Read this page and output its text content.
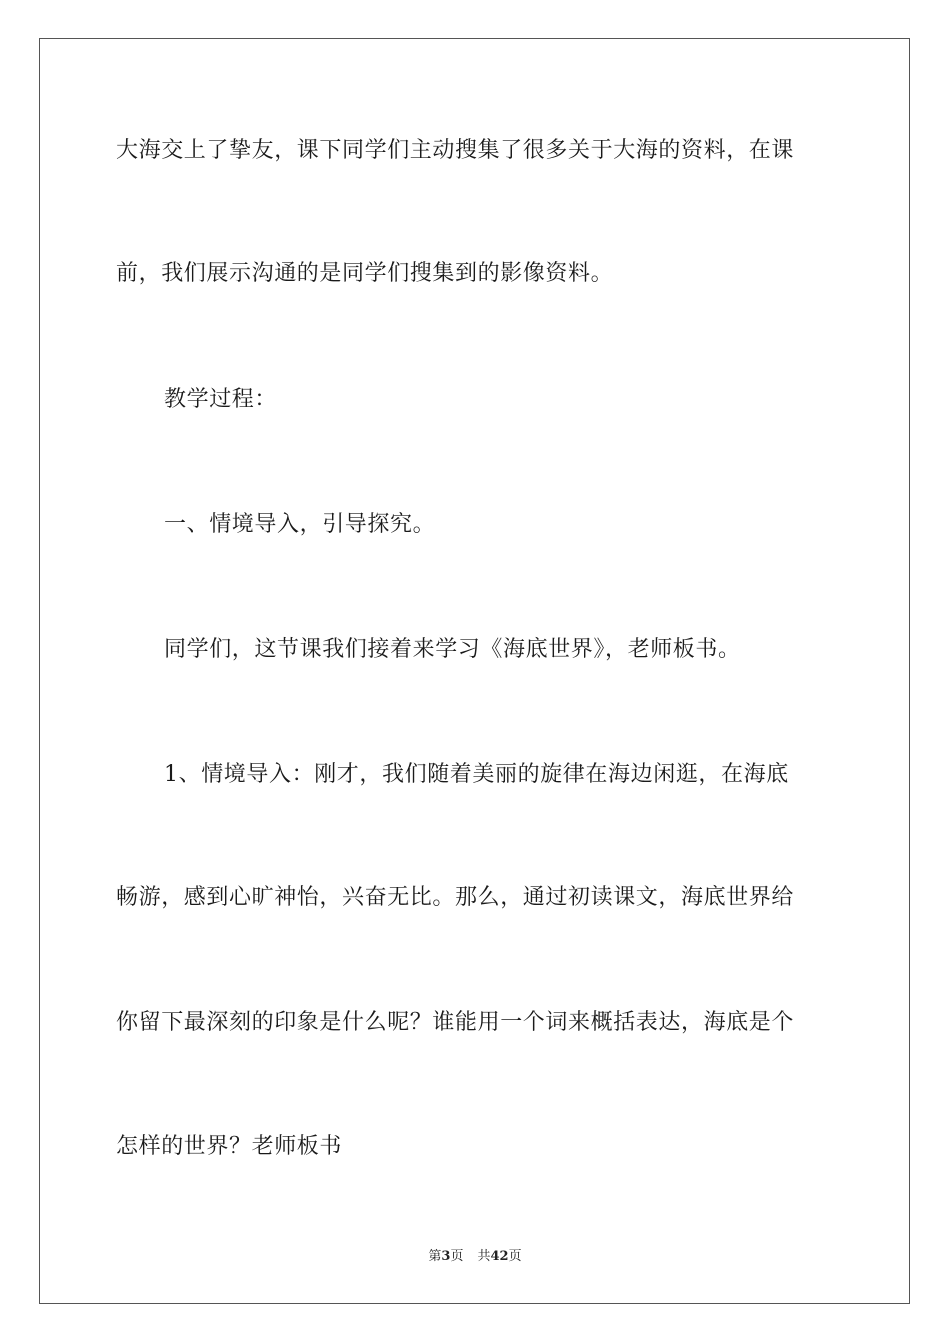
大海交上了挚友，课下同学们主动搜集了很多关于大海的资料，在课

前，我们展示沟通的是同学们搜集到的影像资料。

教学过程：

一、情境导入，引导探究。

同学们，这节课我们接着来学习《海底世界》，老师板书。

1、情境导入：刚才，我们随着美丽的旋律在海边闲逛，在海底

畅游，感到心旷神怡，兴奋无比。那么，通过初读课文，海底世界给

你留下最深刻的印象是什么呢？谁能用一个词来概括表达，海底是个

怎样的世界？老师板书

第3页 共42页
